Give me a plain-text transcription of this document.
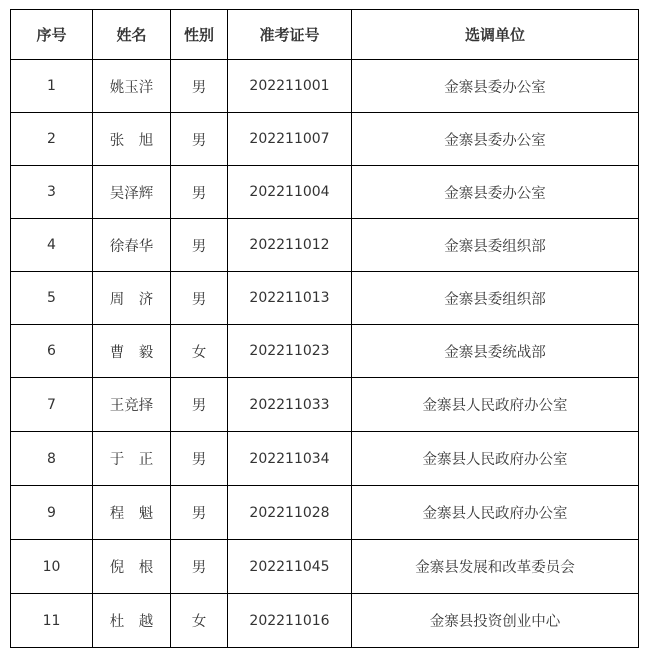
序号	姓名	性别	准考证号	选调单位
1	姚玉洋	男	202211001	金寨县委办公室
2	张　旭	男	202211007	金寨县委办公室
3	吴泽辉	男	202211004	金寨县委办公室
4	徐春华	男	202211012	金寨县委组织部
5	周　济	男	202211013	金寨县委组织部
6	曹　毅	女	202211023	金寨县委统战部
7	王竞择	男	202211033	金寨县人民政府办公室
8	于　正	男	202211034	金寨县人民政府办公室
9	程　魁	男	202211028	金寨县人民政府办公室
10	倪　根	男	202211045	金寨县发展和改革委员会
11	杜　越	女	202211016	金寨县投资创业中心
